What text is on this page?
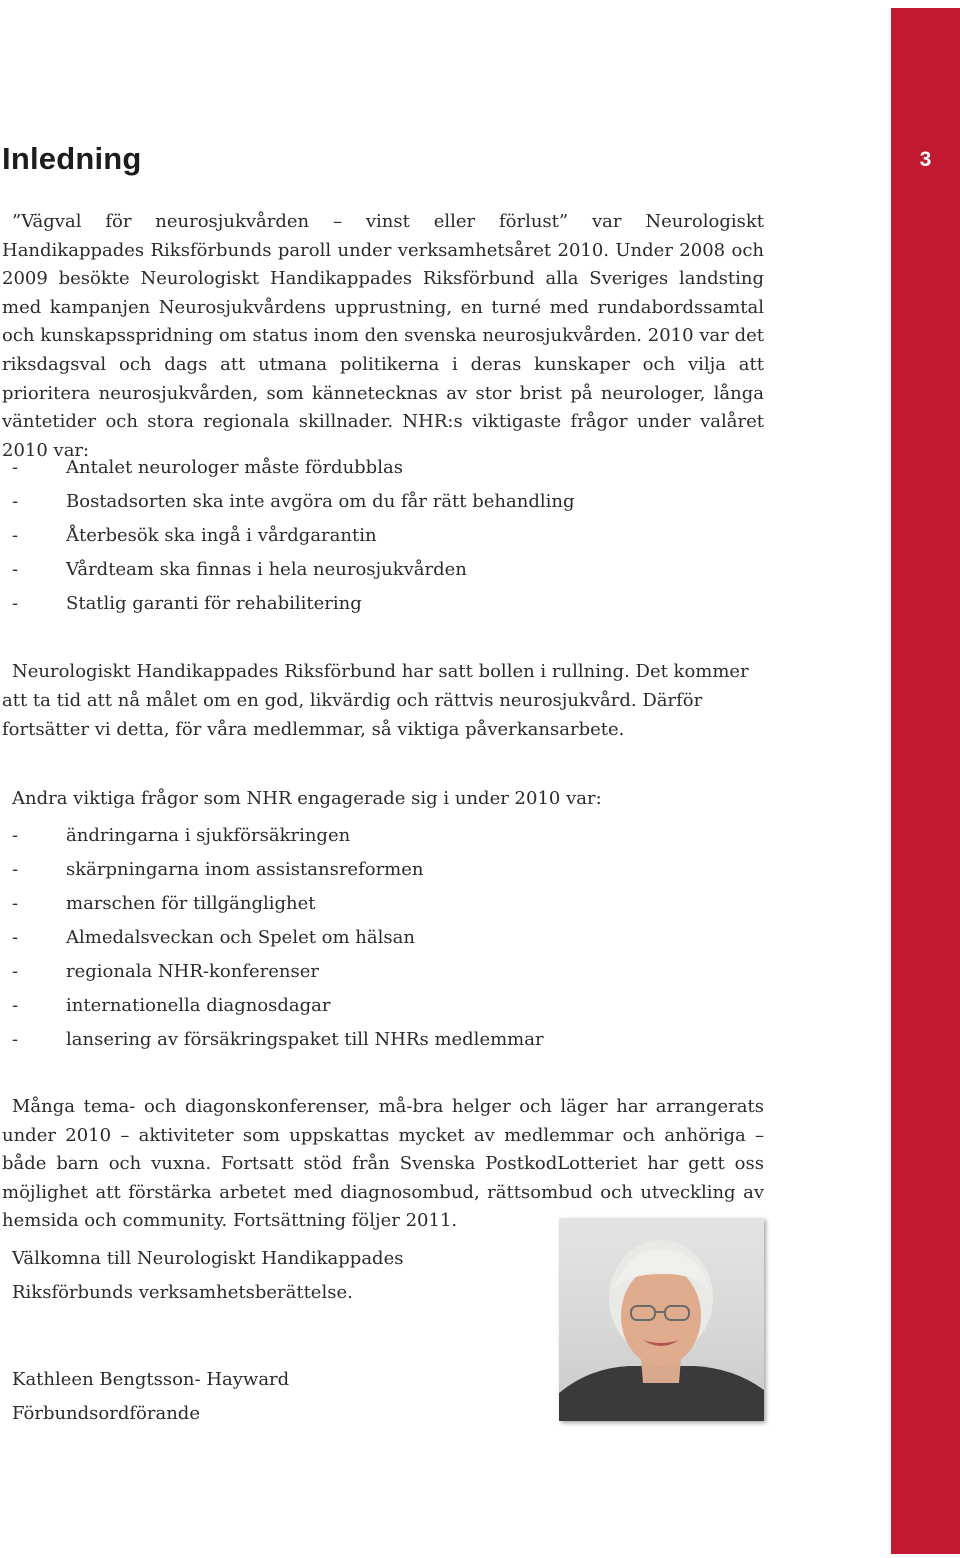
3
Inledning

”Vägval för neurosjukvården – vinst eller förlust” var Neurologiskt Handikappades Riksförbunds paroll under verksamhetsåret 2010. Under 2008 och 2009 besökte Neurologiskt Handikappades Riksförbund alla Sveriges landsting med kampanjen Neurosjukvårdens upprustning, en turné med rundabordssamtal och kunskapsspridning om status inom den svenska neurosjukvården. 2010 var det riksdagsval och dags att utmana politikerna i deras kunskaper och vilja att prioritera neurosjukvården, som kännetecknas av stor brist på neurologer, långa väntetider och stora regionala skillnader. NHR:s viktigaste frågor under valåret 2010 var:

-	Antalet neurologer måste fördubblas
-	Bostadsorten ska inte avgöra om du får rätt behandling
-	Återbesök ska ingå i vårdgarantin
-	Vårdteam ska finnas i hela neurosjukvården
-	Statlig garanti för rehabilitering

Neurologiskt Handikappades Riksförbund har satt bollen i rullning. Det kommer att ta tid att nå målet om en god, likvärdig och rättvis neurosjukvård. Därför fortsätter vi detta, för våra medlemmar, så viktiga påverkansarbete.

Andra viktiga frågor som NHR engagerade sig i under 2010 var:

-	ändringarna i sjukförsäkringen
-	skärpningarna inom assistansreformen
-	marschen för tillgänglighet
-	Almedalsveckan och Spelet om hälsan
-	regionala NHR-konferenser
-	internationella diagnosdagar
-	lansering av försäkringspaket till NHRs medlemmar

Många tema- och diagonskonferenser, må-bra helger och läger har arrangerats under 2010 – aktiviteter som uppskattas mycket av medlemmar och anhöriga – både barn och vuxna. Fortsatt stöd från Svenska PostkodLotteriet har gett oss möjlighet att förstärka arbetet med diagnosombud, rättsombud och utveckling av hemsida och community. Fortsättning följer 2011.

Välkomna till Neurologiskt Handikappades

Riksförbunds verksamhetsberättelse.

Kathleen Bengtsson- Hayward

Förbundsordförande
